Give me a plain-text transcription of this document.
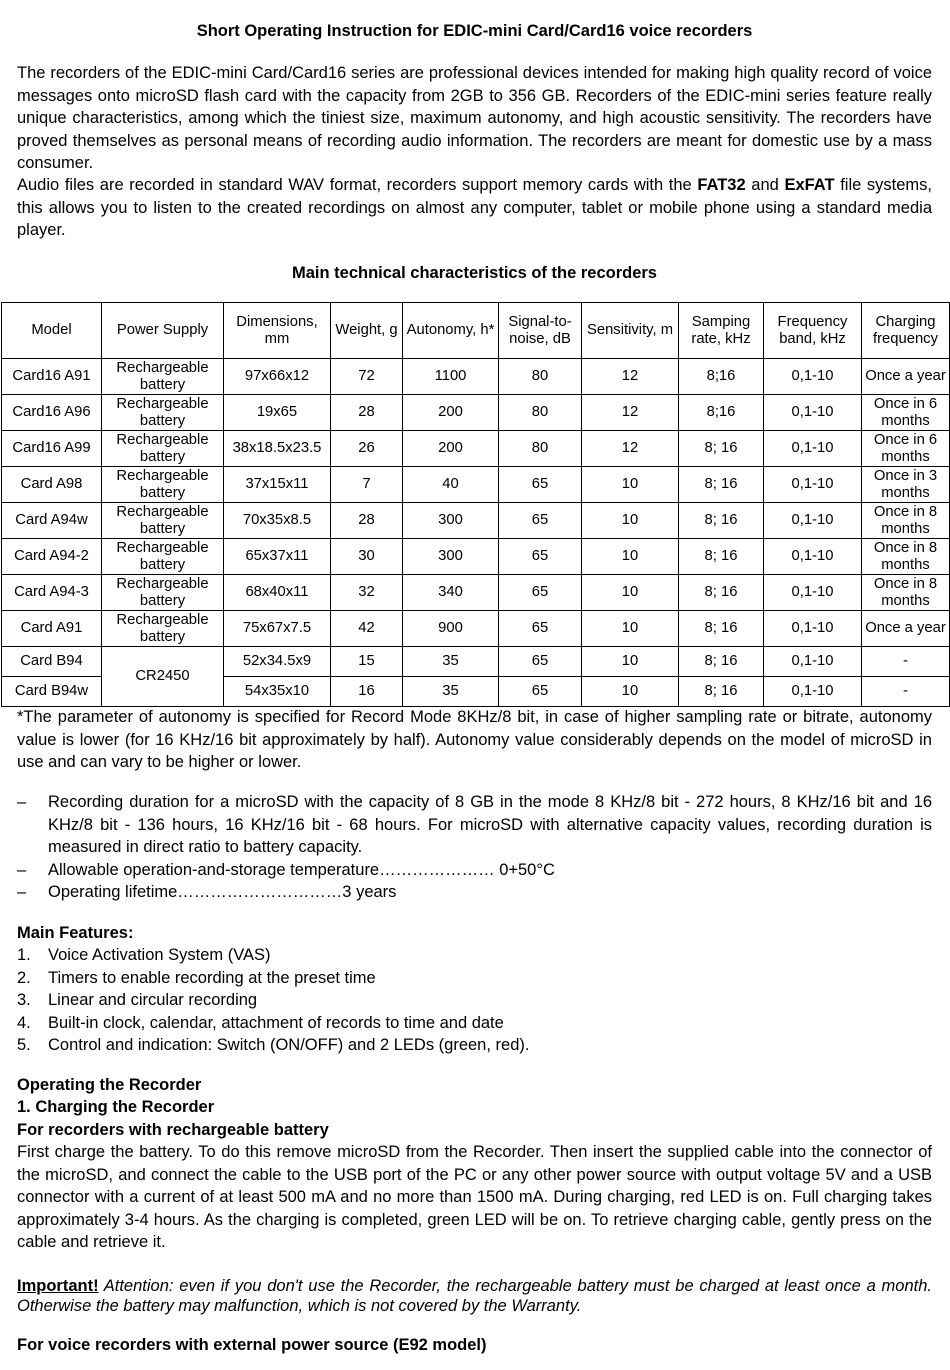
Short Operating Instruction for EDIC-mini Card/Card16 voice recorders

The recorders of the EDIC-mini Card/Card16 series are professional devices intended for making high quality record of voice messages onto microSD flash card with the capacity from 2GB to 356 GB. Recorders of the EDIC-mini series feature really unique characteristics, among which the tiniest size, maximum autonomy, and high acoustic sensitivity. The recorders have proved themselves as personal means of recording audio information. The recorders are meant for domestic use by a mass consumer.

Audio files are recorded in standard WAV format, recorders support memory cards with the FAT32 and ExFAT file systems, this allows you to listen to the created recordings on almost any computer, tablet or mobile phone using a standard media player.

Main technical characteristics of the recorders
Model	Power Supply	Dimensions, mm	Weight, g	Autonomy, h*	Signal-to-noise, dB	Sensitivity, m	Samping rate, kHz	Frequency band, kHz	Charging frequency
Card16 A91	Rechargeable battery	97x66x12	72	1100	80	12	8;16	0,1-10	Once a year
Card16 A96	Rechargeable battery	19x65	28	200	80	12	8;16	0,1-10	Once in 6 months
Card16 A99	Rechargeable battery	38x18.5x23.5	26	200	80	12	8; 16	0,1-10	Once in 6 months
Card A98	Rechargeable battery	37x15x11	7	40	65	10	8; 16	0,1-10	Once in 3 months
Card A94w	Rechargeable battery	70x35x8.5	28	300	65	10	8; 16	0,1-10	Once in 8 months
Card A94-2	Rechargeable battery	65x37x11	30	300	65	10	8; 16	0,1-10	Once in 8 months
Card A94-3	Rechargeable battery	68x40x11	32	340	65	10	8; 16	0,1-10	Once in 8 months
Card A91	Rechargeable battery	75x67x7.5	42	900	65	10	8; 16	0,1-10	Once a year
Card B94	CR2450	52x34.5x9	15	35	65	10	8; 16	0,1-10	-
Card B94w		54x35x10	16	35	65	10	8; 16	0,1-10	-

*The parameter of autonomy is specified for Record Mode 8KHz/8 bit, in case of higher sampling rate or bitrate, autonomy value is lower (for 16 KHz/16 bit approximately by half). Autonomy value considerably depends on the model of microSD in use and can vary to be higher or lower.

– Recording duration for a microSD with the capacity of 8 GB in the mode 8 KHz/8 bit - 272 hours, 8 KHz/16 bit and 16 KHz/8 bit - 136 hours, 16 KHz/16 bit - 68 hours. For microSD with alternative capacity values, recording duration is measured in direct ratio to battery capacity.
– Allowable operation-and-storage temperature………………… 0+50°C
– Operating lifetime…………………………3 years
Main Features:
1. Voice Activation System (VAS)
2. Timers to enable recording at the preset time
3. Linear and circular recording
4. Built-in clock, calendar, attachment of records to time and date
5. Control and indication: Switch (ON/OFF) and 2 LEDs (green, red).
Operating the Recorder
1. Charging the Recorder
For recorders with rechargeable battery

First charge the battery. To do this remove microSD from the Recorder. Then insert the supplied cable into the connector of the microSD, and connect the cable to the USB port of the PC or any other power source with output voltage 5V and a USB connector with a current of at least 500 mA and no more than 1500 mA. During charging, red LED is on. Full charging takes approximately 3-4 hours. As the charging is completed, green LED will be on. To retrieve charging cable, gently press on the cable and retrieve it.

Important! Attention: even if you don't use the Recorder, the rechargeable battery must be charged at least once a month. Otherwise the battery may malfunction, which is not covered by the Warranty.

For voice recorders with external power source (E92 model)
